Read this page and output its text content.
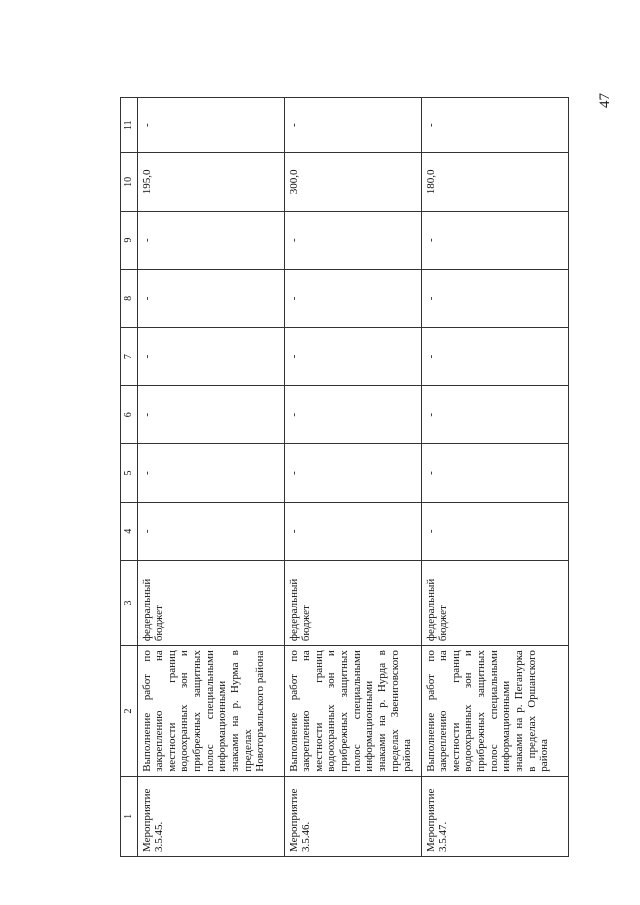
47
1	2	3	4	5	6	7	8	9	10	11
Мероприятие 3.5.45.	Выполнение работ по закреплению на местности границ водоохранных зон и прибрежных защитных полос специальными информационными знаками на р. Нурма в пределах Новоторъяльского района	федеральный бюджет	-	-	-	-	-	-	195,0	-
Мероприятие 3.5.46.	Выполнение работ по закреплению на местности границ водоохранных зон и прибрежных защитных полос специальными информационными знаками на р. Нурда в пределах Звениговского района	федеральный бюджет	-	-	-	-	-	-	300,0	-
Мероприятие 3.5.47.	Выполнение работ по закреплению на местности границ водоохранных зон и прибрежных защитных полос специальными информационными знаками на р. Пеганурка в пределах Оршанского района	федеральный бюджет	-	-	-	-	-	-	180,0	-
